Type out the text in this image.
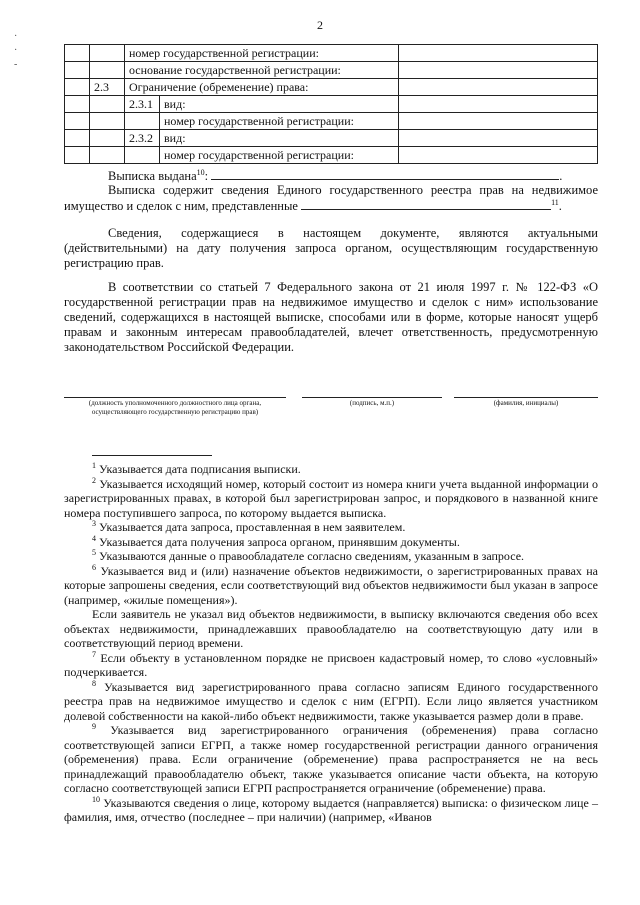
2
·
·
-
		номер государственной регистрации:		
		основание государственной регистрации:		
	2.3	Ограничение (обременение) права:		
		2.3.1	вид:	
			номер государственной регистрации:	
		2.3.2	вид:	
			номер государственной регистрации:	
Выписка выдана$^{10}$:	.
Выписка содержит сведения Единого государственного реестра прав на недвижимое имущество и сделок с ним, представленные	$^{11}$.
Сведения, содержащиеся в настоящем документе, являются актуальными (действительными) на дату получения запроса органом, осуществляющим государственную регистрацию прав.
В соответствии со статьей 7 Федерального закона от 21 июля 1997 г. № 122-ФЗ «О государственной регистрации прав на недвижимое имущество и сделок с ним» использование сведений, содержащихся в настоящей выписке, способами или в форме, которые наносят ущерб правам и законным интересам правообладателей, влечет ответственность, предусмотренную законодательством Российской Федерации.
(должность уполномоченного должностного лица органа, осуществляющего государственную регистрацию прав)
(подпись, м.п.)	(фамилия, инициалы)
$^1$ Указывается дата подписания выписки.
$^2$ Указывается исходящий номер, который состоит из номера книги учета выданной информации о зарегистрированных правах, в которой был зарегистрирован запрос, и порядкового в названной книге номера поступившего запроса, по которому выдается выписка.
$^3$ Указывается дата запроса, проставленная в нем заявителем.
$^4$ Указывается дата получения запроса органом, принявшим документы.
$^5$ Указываются данные о правообладателе согласно сведениям, указанным в запросе.
$^6$ Указывается вид и (или) назначение объектов недвижимости, о зарегистрированных правах на которые запрошены сведения, если соответствующий вид объектов недвижимости был указан в запросе (например, «жилые помещения»).
Если заявитель не указал вид объектов недвижимости, в выписку включаются сведения обо всех объектах недвижимости, принадлежавших правообладателю на соответствующую дату или в соответствующий период времени.
$^7$ Если объекту в установленном порядке не присвоен кадастровый номер, то слово «условный» подчеркивается.
$^8$ Указывается вид зарегистрированного права согласно записям Единого государственного реестра прав на недвижимое имущество и сделок с ним (ЕГРП). Если лицо является участником долевой собственности на какой-либо объект недвижимости, также указывается размер доли в праве.
$^9$ Указывается вид зарегистрированного ограничения (обременения) права согласно соответствующей записи ЕГРП, а также номер государственной регистрации данного ограничения (обременения) права. Если ограничение (обременение) права распространяется не на весь принадлежащий правообладателю объект, также указывается описание части объекта, на которую согласно соответствующей записи ЕГРП распространяется ограничение (обременение) права.
$^{10}$ Указываются сведения о лице, которому выдается (направляется) выписка: о физическом лице – фамилия, имя, отчество (последнее – при наличии) (например, «Иванов
